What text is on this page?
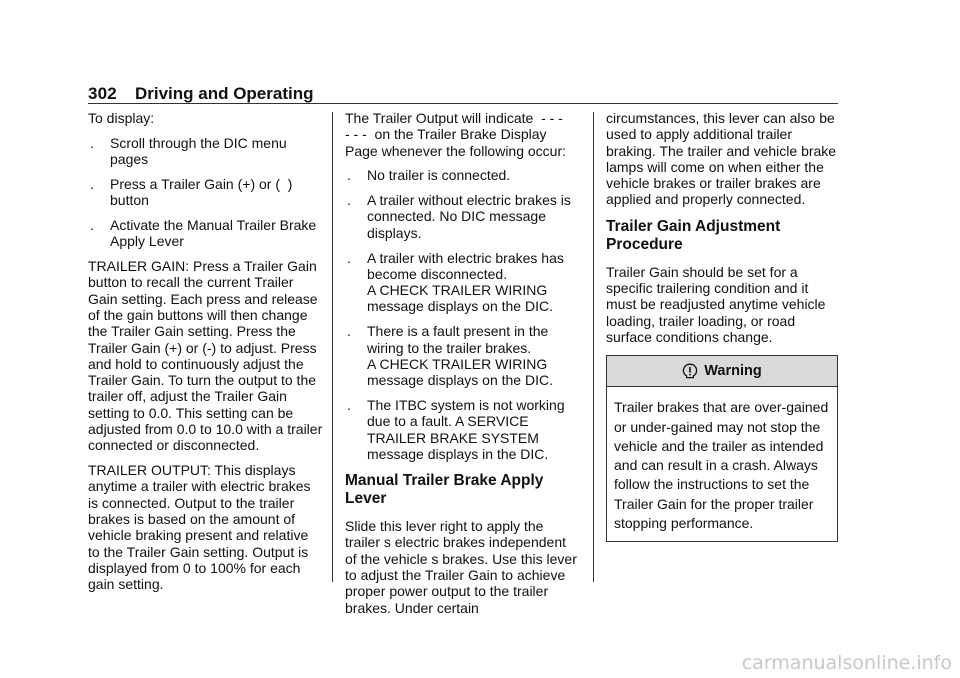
302 Driving and Operating

To display:

.	Scroll through the DIC menu pages
.	Press a Trailer Gain (+) or (  )
button
.	Activate the Manual Trailer Brake Apply Lever

TRAILER GAIN: Press a Trailer Gain button to recall the current Trailer Gain setting. Each press and release of the gain buttons will then change the Trailer Gain setting. Press the Trailer Gain (+) or (-) to adjust. Press and hold to continuously adjust the Trailer Gain. To turn the output to the trailer off, adjust the Trailer Gain setting to 0.0. This setting can be adjusted from 0.0 to 10.0 with a trailer connected or disconnected.

TRAILER OUTPUT: This displays anytime a trailer with electric brakes is connected. Output to the trailer brakes is based on the amount of vehicle braking present and relative to the Trailer Gain setting. Output is displayed from 0 to 100% for each gain setting.

The Trailer Output will indicate  - - -
- - -  on the Trailer Brake Display Page whenever the following occur:

.	No trailer is connected.
.	A trailer without electric brakes is connected. No DIC message displays.
.	A trailer with electric brakes has become disconnected.
A CHECK TRAILER WIRING message displays on the DIC.
.	There is a fault present in the wiring to the trailer brakes.
A CHECK TRAILER WIRING message displays on the DIC.
.	The ITBC system is not working due to a fault. A SERVICE TRAILER BRAKE SYSTEM message displays in the DIC.
Manual Trailer Brake Apply Lever

Slide this lever right to apply the trailer s electric brakes independent of the vehicle s brakes. Use this lever to adjust the Trailer Gain to achieve proper power output to the trailer brakes. Under certain

circumstances, this lever can also be used to apply additional trailer braking. The trailer and vehicle brake lamps will come on when either the vehicle brakes or trailer brakes are applied and properly connected.

Trailer Gain Adjustment Procedure

Trailer Gain should be set for a specific trailering condition and it must be readjusted anytime vehicle loading, trailer loading, or road surface conditions change.

Warning
Trailer brakes that are over-gained or under-gained may not stop the vehicle and the trailer as intended and can result in a crash. Always follow the instructions to set the Trailer Gain for the proper trailer stopping performance.
carmanualsonline.info
